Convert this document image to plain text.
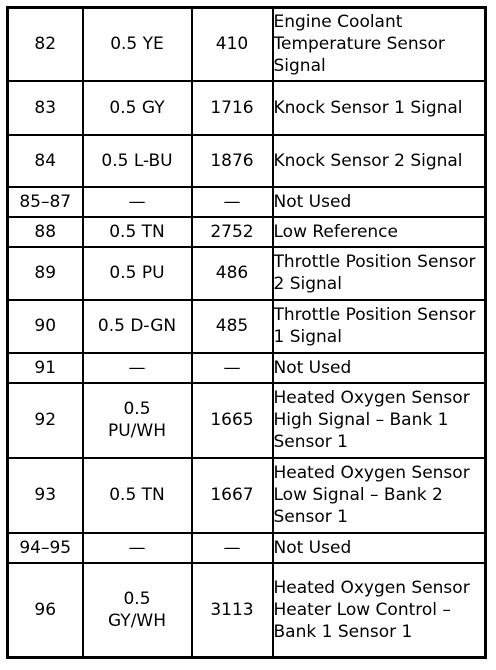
82	0.5 YE	410	Engine Coolant Temperature Sensor Signal
83	0.5 GY	1716	Knock Sensor 1 Signal
84	0.5 L-BU	1876	Knock Sensor 2 Signal
85–87	—	—	Not Used
88	0.5 TN	2752	Low Reference
89	0.5 PU	486	Throttle Position Sensor 2 Signal
90	0.5 D-GN	485	Throttle Position Sensor 1 Signal
91	—	—	Not Used
92	0.5 PU/WH	1665	Heated Oxygen Sensor High Signal – Bank 1 Sensor 1
93	0.5 TN	1667	Heated Oxygen Sensor Low Signal – Bank 2 Sensor 1
94–95	—	—	Not Used
96	0.5 GY/WH	3113	Heated Oxygen Sensor Heater Low Control – Bank 1 Sensor 1
